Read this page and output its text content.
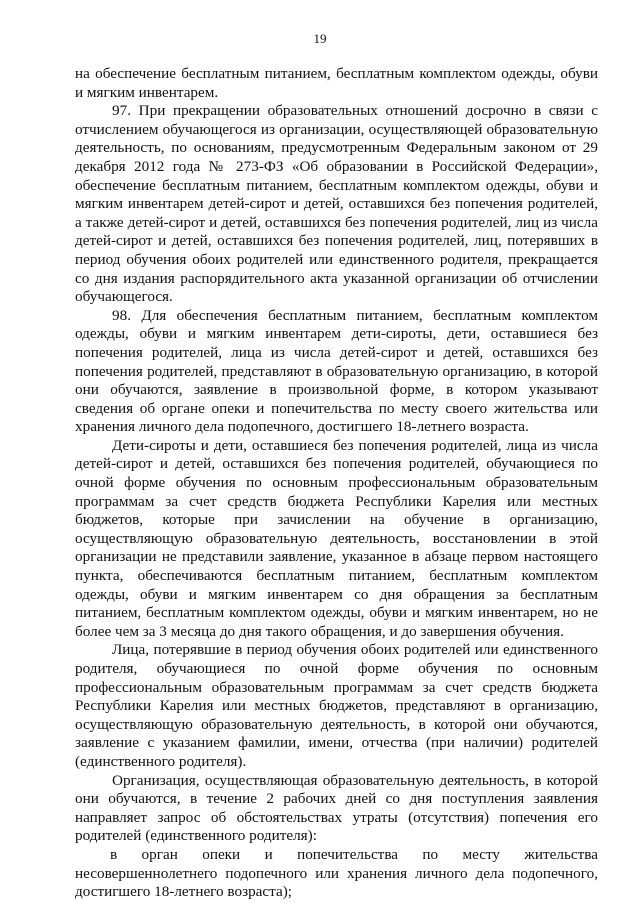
19

на обеспечение бесплатным питанием, бесплатным комплектом одежды, обуви и мягким инвентарем.

97. При прекращении образовательных отношений досрочно в связи с отчислением обучающегося из организации, осуществляющей образовательную деятельность, по основаниям, предусмотренным Федеральным законом от 29 декабря 2012 года № 273-ФЗ «Об образовании в Российской Федерации», обеспечение бесплатным питанием, бесплатным комплектом одежды, обуви и мягким инвентарем детей-сирот и детей, оставшихся без попечения родителей, а также детей-сирот и детей, оставшихся без попечения родителей, лиц из числа детей-сирот и детей, оставшихся без попечения родителей, лиц, потерявших в период обучения обоих родителей или единственного родителя, прекращается со дня издания распорядительного акта указанной организации об отчислении обучающегося.

98. Для обеспечения бесплатным питанием, бесплатным комплектом одежды, обуви и мягким инвентарем дети-сироты, дети, оставшиеся без попечения родителей, лица из числа детей-сирот и детей, оставшихся без попечения родителей, представляют в образовательную организацию, в которой они обучаются, заявление в произвольной форме, в котором указывают сведения об органе опеки и попечительства по месту своего жительства или хранения личного дела подопечного, достигшего 18-летнего возраста.

Дети-сироты и дети, оставшиеся без попечения родителей, лица из числа детей-сирот и детей, оставшихся без попечения родителей, обучающиеся по очной форме обучения по основным профессиональным образовательным программам за счет средств бюджета Республики Карелия или местных бюджетов, которые при зачислении на обучение в организацию, осуществляющую образовательную деятельность, восстановлении в этой организации не представили заявление, указанное в абзаце первом настоящего пункта, обеспечиваются бесплатным питанием, бесплатным комплектом одежды, обуви и мягким инвентарем со дня обращения за бесплатным питанием, бесплатным комплектом одежды, обуви и мягким инвентарем, но не более чем за 3 месяца до дня такого обращения, и до завершения обучения.

Лица, потерявшие в период обучения обоих родителей или единственного родителя, обучающиеся по очной форме обучения по основным профессиональным образовательным программам за счет средств бюджета Республики Карелия или местных бюджетов, представляют в организацию, осуществляющую образовательную деятельность, в которой они обучаются, заявление с указанием фамилии, имени, отчества (при наличии) родителей (единственного родителя).

Организация, осуществляющая образовательную деятельность, в которой они обучаются, в течение 2 рабочих дней со дня поступления заявления направляет запрос об обстоятельствах утраты (отсутствия) попечения его родителей (единственного родителя):

в орган опеки и попечительства по месту жительства несовершеннолетнего подопечного или хранения личного дела подопечного, достигшего 18-летнего возраста);
